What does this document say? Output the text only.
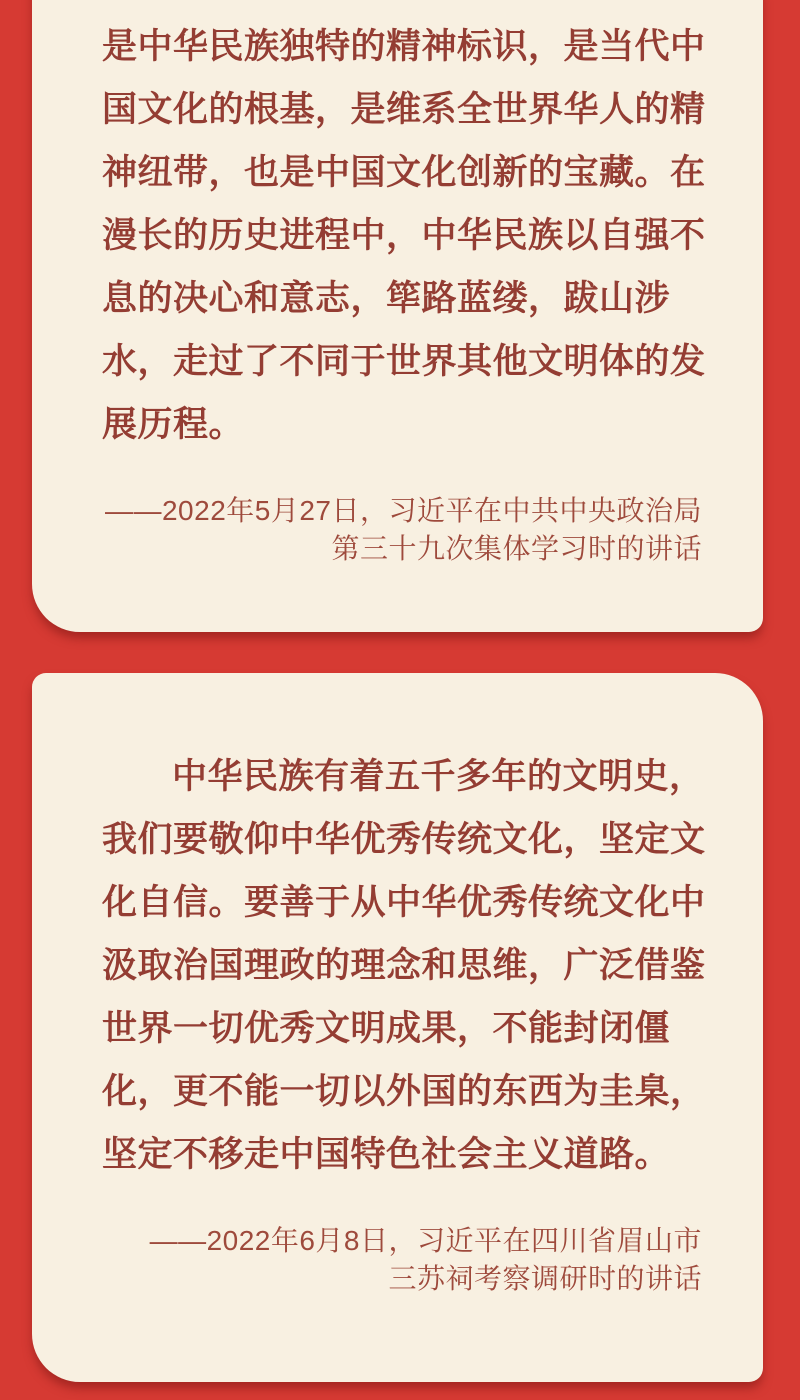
是中华民族独特的精神标识，是当代中
国文化的根基，是维系全世界华人的精
神纽带，也是中国文化创新的宝藏。在
漫长的历史进程中，中华民族以自强不
息的决心和意志，筚路蓝缕，跋山涉
水，走过了不同于世界其他文明体的发
展历程。
——2022年5月27日，习近平在中共中央政治局
第三十九次集体学习时的讲话
中华民族有着五千多年的文明史，
我们要敬仰中华优秀传统文化，坚定文
化自信。要善于从中华优秀传统文化中
汲取治国理政的理念和思维，广泛借鉴
世界一切优秀文明成果，不能封闭僵
化，更不能一切以外国的东西为圭臬，
坚定不移走中国特色社会主义道路。
——2022年6月8日，习近平在四川省眉山市
三苏祠考察调研时的讲话
